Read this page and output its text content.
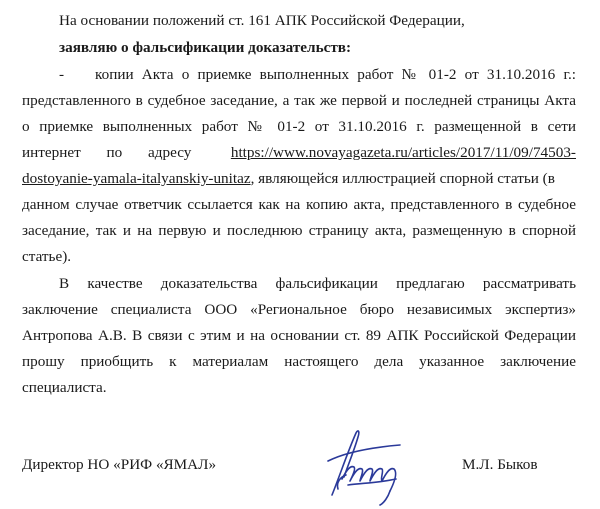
На основании положений ст. 161 АПК Российской Федерации,
заявляю о фальсификации доказательств:
-	копии Акта о приемке выполненных работ № 01-2 от 31.10.2016 г.:
представленного в судебное заседание, а так же первой и последней страницы Акта
о приемке выполненных работ № 01-2 от 31.10.2016 г. размещенной в сети
интернет по адресу	https://www.novayagazeta.ru/articles/2017/11/09/74503-
dostoyanie-yamala-italyanskiy-unitaz, являющейся иллюстрацией спорной статьи (в
данном случае ответчик ссылается как на копию акта, представленного в судебное
заседание, так и на первую и последнюю страницу акта, размещенную в спорной
статье).
В качестве доказательства фальсификации предлагаю рассматривать
заключение специалиста ООО «Региональное бюро независимых экспертиз»
Антропова А.В. В связи с этим и на основании ст. 89 АПК Российской Федерации
прошу приобщить к материалам настоящего дела указанное заключение
специалиста.
Директор НО «РИФ «ЯМАЛ»	М.Л. Быков
